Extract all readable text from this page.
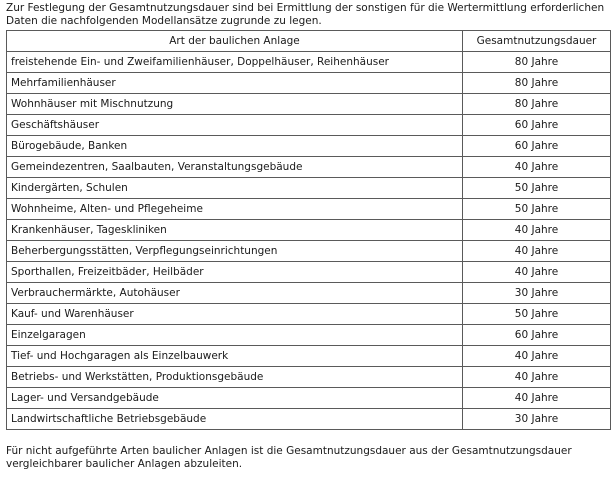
Zur Festlegung der Gesamtnutzungsdauer sind bei Ermittlung der sonstigen für die Wertermittlung erforderlichen Daten die nachfolgenden Modellansätze zugrunde zu legen.

Art der baulichen Anlage	Gesamtnutzungsdauer
freistehende Ein- und Zweifamilienhäuser, Doppelhäuser, Reihenhäuser	80 Jahre
Mehrfamilienhäuser	80 Jahre
Wohnhäuser mit Mischnutzung	80 Jahre
Geschäftshäuser	60 Jahre
Bürogebäude, Banken	60 Jahre
Gemeindezentren, Saalbauten, Veranstaltungsgebäude	40 Jahre
Kindergärten, Schulen	50 Jahre
Wohnheime, Alten- und Pflegeheime	50 Jahre
Krankenhäuser, Tageskliniken	40 Jahre
Beherbergungsstätten, Verpflegungseinrichtungen	40 Jahre
Sporthallen, Freizeitbäder, Heilbäder	40 Jahre
Verbrauchermärkte, Autohäuser	30 Jahre
Kauf- und Warenhäuser	50 Jahre
Einzelgaragen	60 Jahre
Tief- und Hochgaragen als Einzelbauwerk	40 Jahre
Betriebs- und Werkstätten, Produktionsgebäude	40 Jahre
Lager- und Versandgebäude	40 Jahre
Landwirtschaftliche Betriebsgebäude	30 Jahre

Für nicht aufgeführte Arten baulicher Anlagen ist die Gesamtnutzungsdauer aus der Gesamtnutzungsdauer vergleichbarer baulicher Anlagen abzuleiten.
